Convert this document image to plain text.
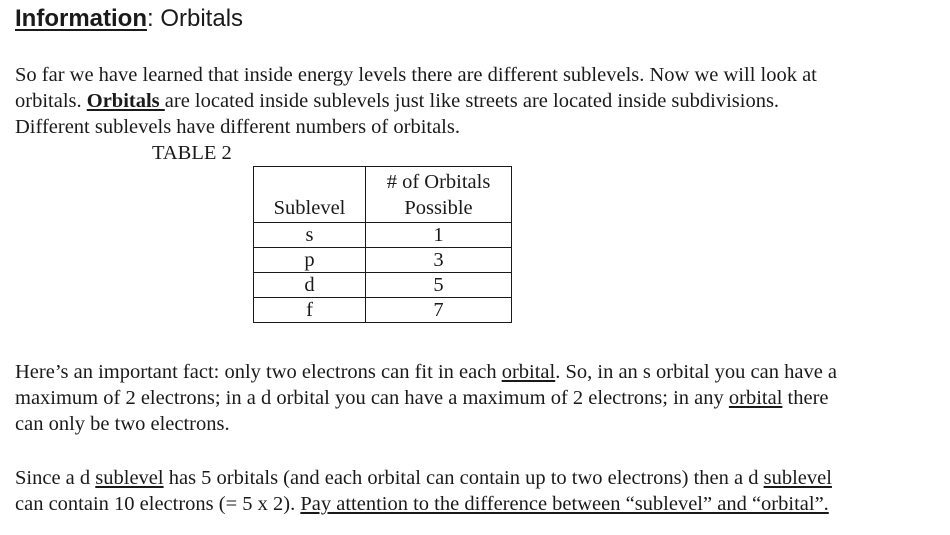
Information: Orbitals
So far we have learned that inside energy levels there are different sublevels. Now we will look at
orbitals. Orbitals are located inside sublevels just like streets are located inside subdivisions.
Different sublevels have different numbers of orbitals.
TABLE 2
Sublevel	# of Orbitals
Possible

s	1
p	3
d	5
f	7
Here’s an important fact: only two electrons can fit in each orbital. So, in an s orbital you can have a
maximum of 2 electrons; in a d orbital you can have a maximum of 2 electrons; in any orbital there
can only be two electrons.
Since a d sublevel has 5 orbitals (and each orbital can contain up to two electrons) then a d sublevel
can contain 10 electrons (= 5 x 2). Pay attention to the difference between “sublevel” and “orbital”.
